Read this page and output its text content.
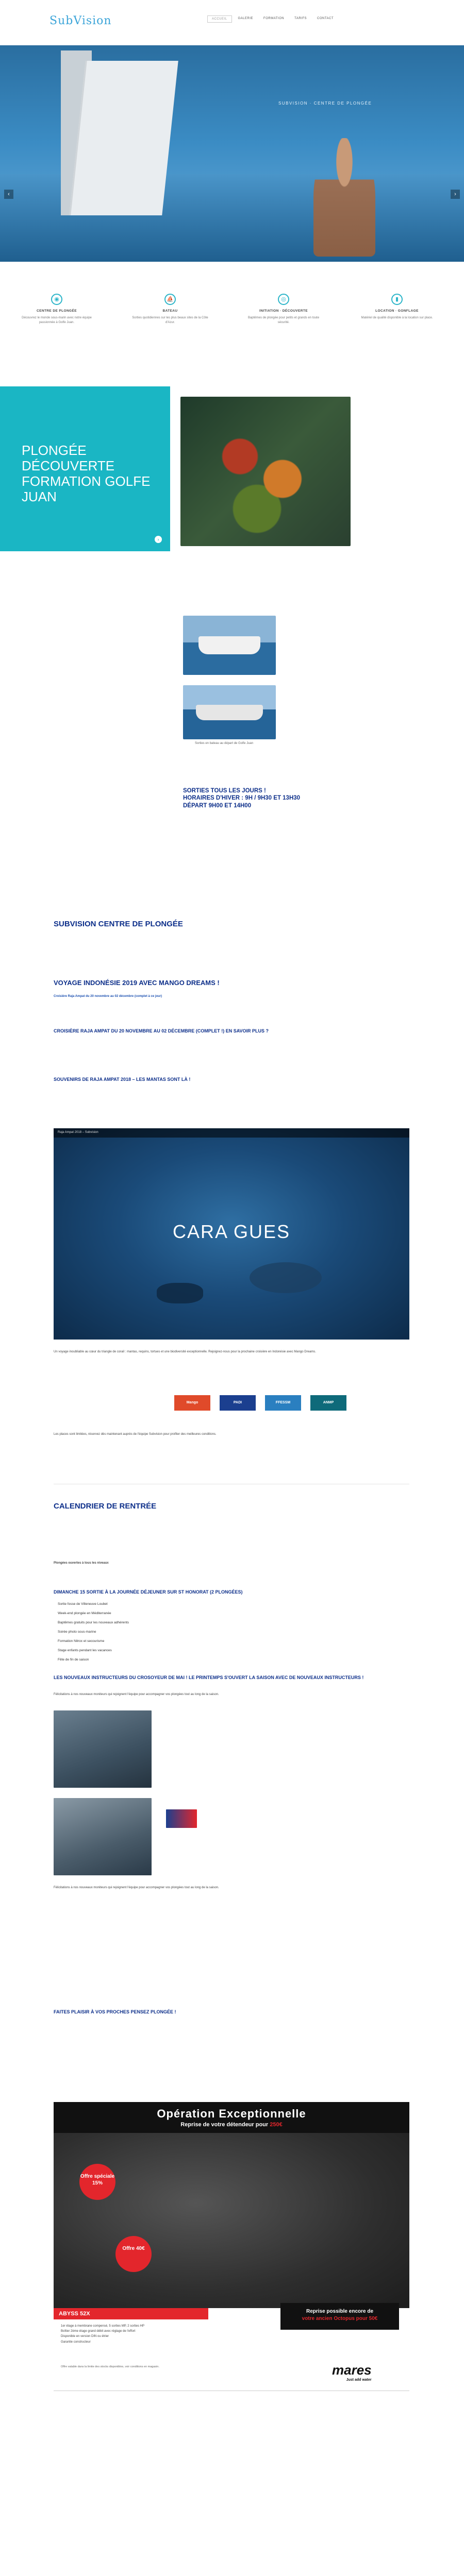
SubVision	ACCUEIL	GALERIE	FORMATION	TARIFS	CONTACT
SUBVISION · CENTRE DE PLONGÉE
‹	›
◉
CENTRE DE PLONGÉE
Découvrez le monde sous-marin avec notre équipe passionnée à Golfe Juan.
⛵
BATEAU
Sorties quotidiennes sur les plus beaux sites de la Côte d'Azur.
◎
INITIATION · DÉCOUVERTE
Baptêmes de plongée pour petits et grands en toute sécurité.
▮
LOCATION · GONFLAGE
Matériel de qualité disponible à la location sur place.
PLONGÉE DÉCOUVERTE FORMATION GOLFE JUAN
›
Sorties en bateau au départ de Golfe Juan
SORTIES TOUS LES JOURS !
HORAIRES D'HIVER : 9H / 9H30 ET 13H30
DÉPART 9H00 ET 14H00
SUBVISION CENTRE DE PLONGÉE
VOYAGE INDONÉSIE 2019 AVEC MANGO DREAMS !
Croisière Raja Ampat du 20 novembre au 02 décembre (complet à ce jour)
CROISIÈRE RAJA AMPAT DU 20 NOVEMBRE AU 02 DÉCEMBRE (COMPLET !) EN SAVOIR PLUS ?
SOUVENIRS DE RAJA AMPAT 2018 – LES MANTAS SONT LÀ !
Raja Ampat 2018 – Subvision
CARA GUES
Un voyage inoubliable au cœur du triangle de corail : mantas, requins, tortues et une biodiversité exceptionnelle. Rejoignez-nous pour la prochaine croisière en Indonésie avec Mango Dreams.
Mango	PADI	FFESSM	ANMP
Les places sont limitées, réservez dès maintenant auprès de l'équipe Subvision pour profiter des meilleures conditions.
CALENDRIER DE RENTRÉE
Plongées ouvertes à tous les niveaux
DIMANCHE 15 SORTIE À LA JOURNÉE DÉJEUNER SUR ST HONORAT (2 PLONGÉES)
Sortie fosse de Villeneuve Loubet
Week-end plongée en Méditerranée
Baptêmes gratuits pour les nouveaux adhérents
Soirée photo sous-marine
Formation Nitrox et secourisme
Stage enfants pendant les vacances
Fête de fin de saison
LES NOUVEAUX INSTRUCTEURS DU CROSOYEUR DE MAI ! LE PRINTEMPS S'OUVERT LA SAISON AVEC DE NOUVEAUX INSTRUCTEURS !
Félicitations à nos nouveaux moniteurs qui rejoignent l'équipe pour accompagner vos plongées tout au long de la saison.
Félicitations à nos nouveaux moniteurs qui rejoignent l'équipe pour accompagner vos plongées tout au long de la saison.
FAITES PLAISIR À VOS PROCHES PENSEZ PLONGÉE !
Opération Exceptionnelle
Reprise de votre détendeur pour 250€
Offre spéciale 15%
Offre 40€
Reprise possible encore de
votre ancien Octopus pour 50€
ABYSS 52X
1er étage à membrane compensé, 5 sorties MP, 2 sorties HP
Boîtier 2ème étage grand débit avec réglage de l'effort
Disponible en version DIN ou étrier
Garantie constructeur
Offre valable dans la limite des stocks disponibles, voir conditions en magasin.	mares
Just add water
